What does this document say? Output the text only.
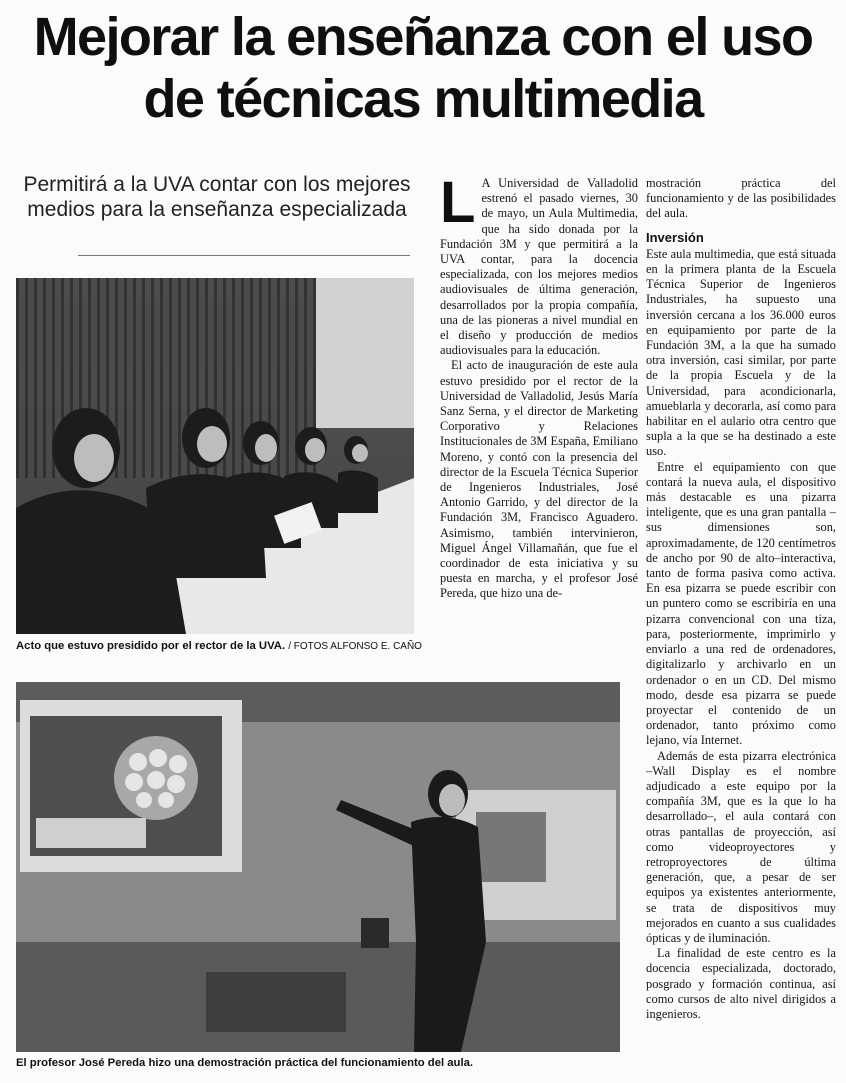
Mejorar la enseñanza con el uso de técnicas multimedia
Permitirá a la UVA contar con los mejores medios para la enseñanza especializada
Acto que estuvo presidido por el rector de la UVA. / FOTOS ALFONSO E. CAÑO
El profesor José Pereda hizo una demostración práctica del funcionamiento del aula.

L A Universidad de Valladolid estrenó el pasado viernes, 30 de mayo, un Aula Multimedia, que ha sido donada por la Fundación 3M y que permitirá a la UVA contar, para la docencia especializada, con los mejores medios audiovisuales de última generación, desarrollados por la propia compañía, una de las pioneras a nivel mundial en el diseño y producción de medios audiovisuales para la educación.

El acto de inauguración de este aula estuvo presidido por el rector de la Universidad de Valladolid, Jesús María Sanz Serna, y el director de Marketing Corporativo y Relaciones Institucionales de 3M España, Emiliano Moreno, y contó con la presencia del director de la Escuela Técnica Superior de Ingenieros Industriales, José Antonio Garrido, y del director de la Fundación 3M, Francisco Aguadero. Asimismo, también intervinieron, Miguel Ángel Villamañán, que fue el coordinador de esta iniciativa y su puesta en marcha, y el profesor José Pereda, que hizo una de-

mostración práctica del funcionamiento y de las posibilidades del aula.

Inversión

Este aula multimedia, que está situada en la primera planta de la Escuela Técnica Superior de Ingenieros Industriales, ha supuesto una inversión cercana a los 36.000 euros en equipamiento por parte de la Fundación 3M, a la que ha sumado otra inversión, casi similar, por parte de la propia Escuela y de la Universidad, para acondicionarla, amueblarla y decorarla, así como para habilitar en el aulario otra centro que supla a la que se ha destinado a este uso.

Entre el equipamiento con que contará la nueva aula, el dispositivo más destacable es una pizarra inteligente, que es una gran pantalla –sus dimensiones son, aproximadamente, de 120 centímetros de ancho por 90 de alto–interactiva, tanto de forma pasiva como activa. En esa pizarra se puede escribir con un puntero como se escribiría en una pizarra convencional con una tiza, para, posteriormente, imprimirlo y enviarlo a una red de ordenadores, digitalizarlo y archivarlo en un ordenador o en un CD. Del mismo modo, desde esa pizarra se puede proyectar el contenido de un ordenador, tanto próximo como lejano, vía Internet.

Además de esta pizarra electrónica –Wall Display es el nombre adjudicado a este equipo por la compañía 3M, que es la que lo ha desarrollado–, el aula contará con otras pantallas de proyección, así como videoproyectores y retroproyectores de última generación, que, a pesar de ser equipos ya existentes anteriormente, se trata de dispositivos muy mejorados en cuanto a sus cualidades ópticas y de iluminación.

La finalidad de este centro es la docencia especializada, doctorado, posgrado y formación continua, así como cursos de alto nivel dirigidos a ingenieros.
